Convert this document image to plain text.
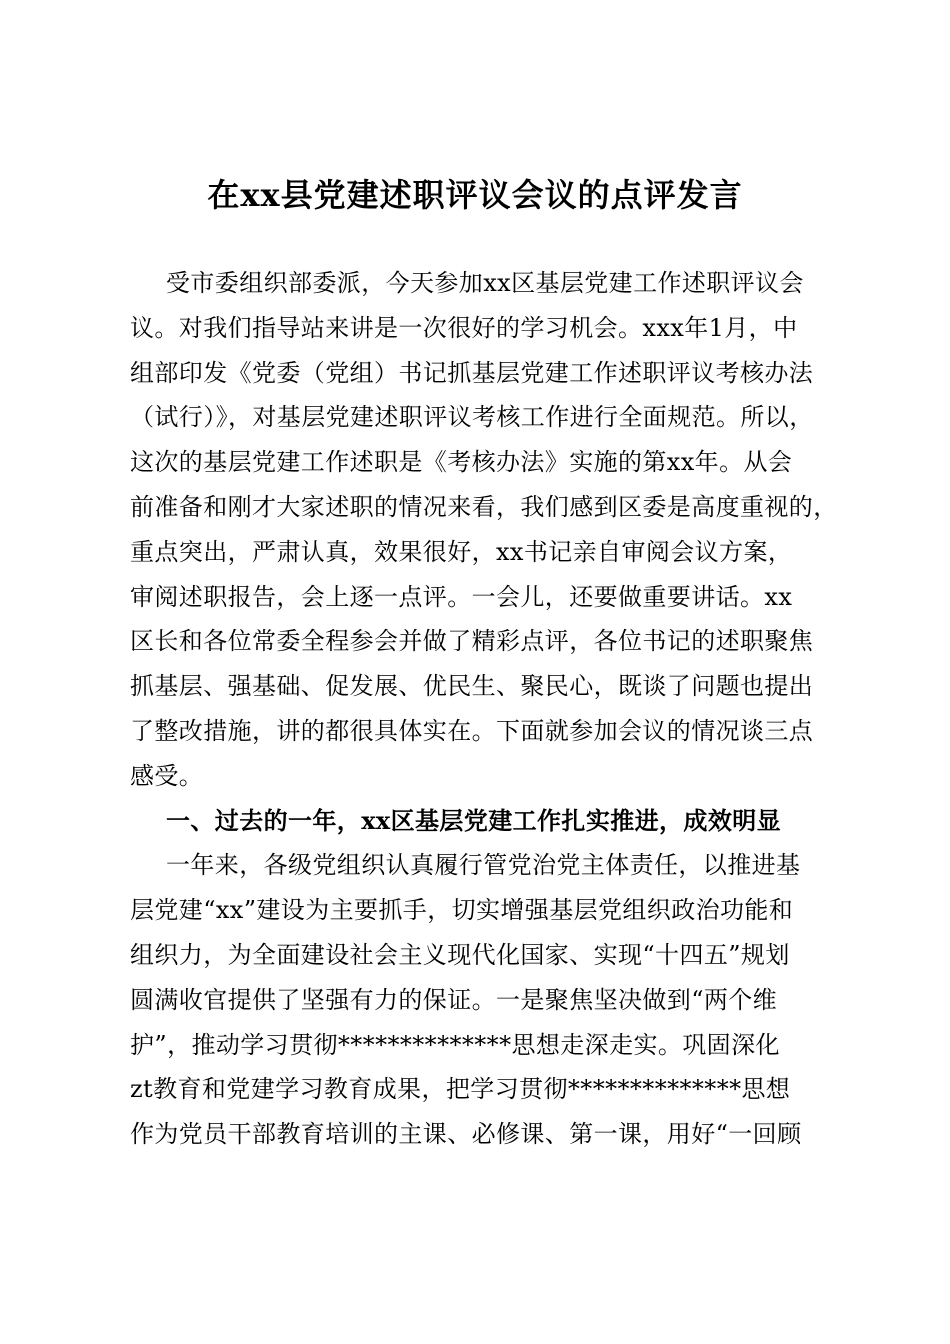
在xx县党建述职评议会议的点评发言
受市委组织部委派，今天参加xx区基层党建工作述职评议会
议。对我们指导站来讲是一次很好的学习机会。xxx年1月，中
组部印发《党委（党组）书记抓基层党建工作述职评议考核办法
（试行）》，对基层党建述职评议考核工作进行全面规范。所以，
这次的基层党建工作述职是《考核办法》实施的第xx年。从会
前准备和刚才大家述职的情况来看，我们感到区委是高度重视的，
重点突出，严肃认真，效果很好，xx书记亲自审阅会议方案，
审阅述职报告，会上逐一点评。一会儿，还要做重要讲话。xx
区长和各位常委全程参会并做了精彩点评，各位书记的述职聚焦
抓基层、强基础、促发展、优民生、聚民心，既谈了问题也提出
了整改措施，讲的都很具体实在。下面就参加会议的情况谈三点
感受。
一、过去的一年，xx区基层党建工作扎实推进，成效明显
一年来，各级党组织认真履行管党治党主体责任，以推进基
层党建“xx”建设为主要抓手，切实增强基层党组织政治功能和
组织力，为全面建设社会主义现代化国家、实现“十四五”规划
圆满收官提供了坚强有力的保证。一是聚焦坚决做到“两个维
护”，推动学习贯彻**************思想走深走实。巩固深化
zt教育和党建学习教育成果，把学习贯彻**************思想
作为党员干部教育培训的主课、必修课、第一课，用好“一回顾
